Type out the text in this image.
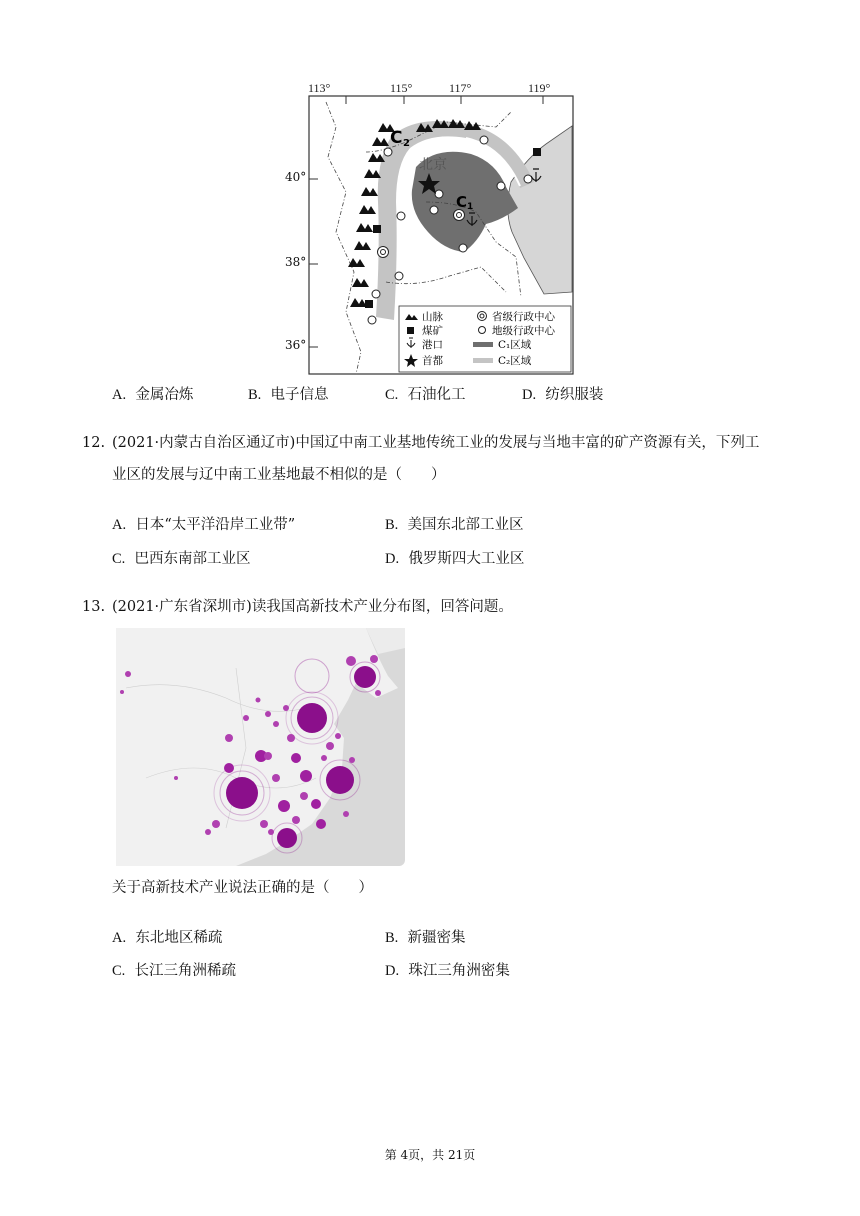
北京
C 2
C 1
113°	115°	117°	119°
山脉	省级行政中心
煤矿	地级行政中心
港口	C₁区域
首都	C₂区域
40°
38°
36°
A. 金属冶炼	B. 电子信息	C. 石油化工	D. 纺织服装
12. (2021·内蒙古自治区通辽市)中国辽中南工业基地传统工业的发展与当地丰富的矿产资源有关，下列工
业区的发展与辽中南工业基地最不相似的是（　　）
A. 日本“太平洋沿岸工业带”	B. 美国东北部工业区
C. 巴西东南部工业区	D. 俄罗斯四大工业区
13. (2021·广东省深圳市)读我国高新技术产业分布图，回答问题。
关于高新技术产业说法正确的是（　　）
A. 东北地区稀疏	B. 新疆密集
C. 长江三角洲稀疏	D. 珠江三角洲密集
第 4页，共 21页
